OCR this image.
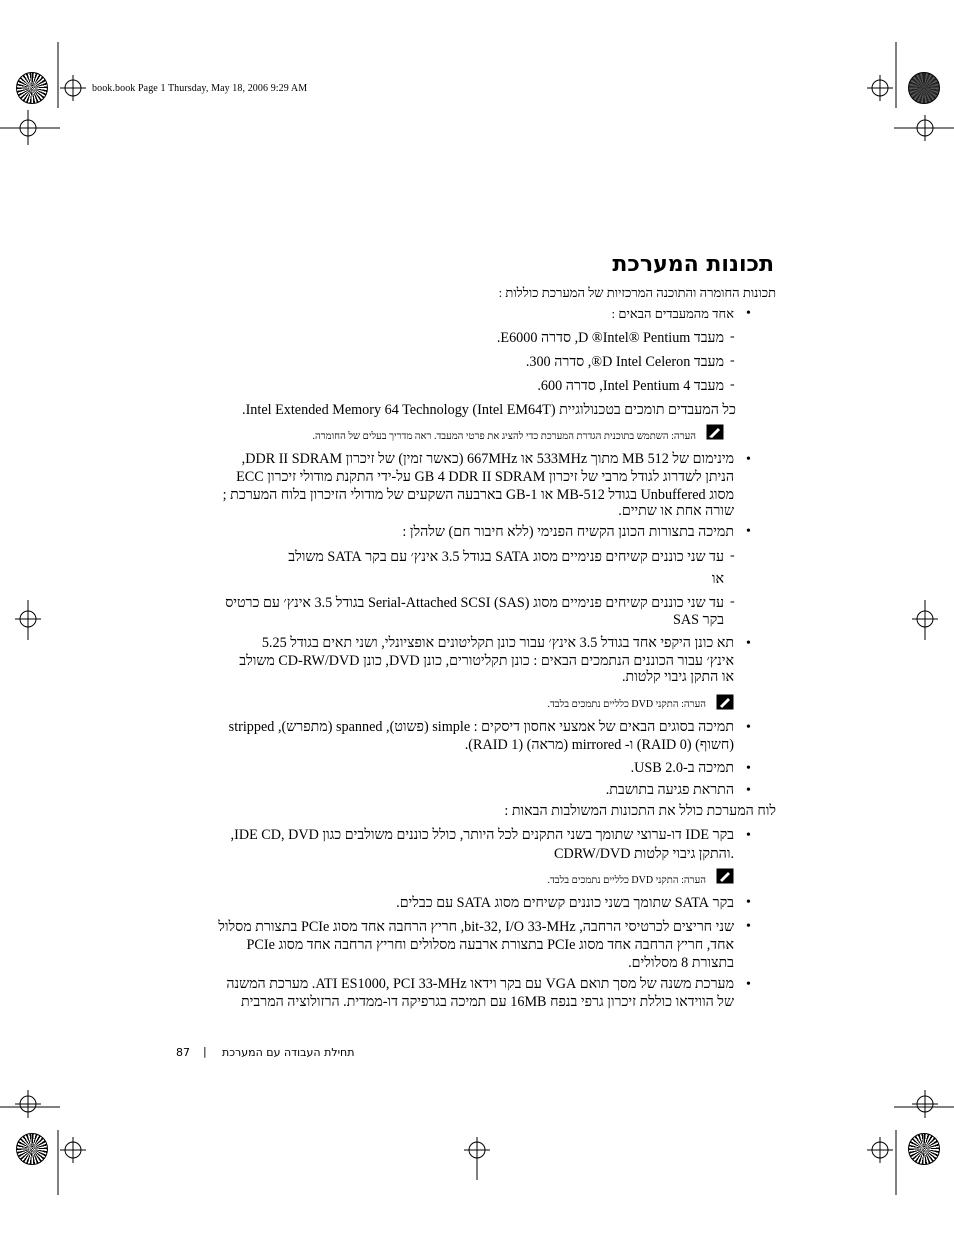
book.book Page 1 Thursday, May 18, 2006 9:29 AM
תכונות המערכת
תכונות החומרה והתוכנה המרכזיות של המערכת כוללות :
•
אחד מהמעבדים הבאים :
-
מעבד D ®Intel® Pentium, סדרה E6000.
-
מעבד D Intel Celeron®, סדרה 300.
-
מעבד Intel Pentium 4, סדרה 600.
כל המעבדים תומכים בטכנולוגיית (Intel Extended Memory 64 Technology (Intel EM64T.
הערה: השתמש בתוכנית הגדרת המערכת כדי להציג את פרטי המעבד. ראה מדריך בעלים של החומרה.
•
מינימום של MB 512 מתוך 533MHz או 667MHz (כאשר זמין) של זיכרון DDR II SDRAM,
הניתן לשדרוג לגודל מרבי של זיכרון GB 4 DDR II SDRAM על-ידי התקנת מודולי זיכרון ECC
מסוג Unbuffered בגודל MB-512 או GB-1 בארבעה השקעים של מודולי הזיכרון בלוח המערכת ;
שורה אחת או שתיים.
•
תמיכה בתצורות הכונן הקשיח הפנימי (ללא חיבור חם) שלהלן :
-
עד שני כוננים קשיחים פנימיים מסוג SATA בגודל 3.5 אינץ׳ עם בקר SATA משולב
או
-
עד שני כוננים קשיחים פנימיים מסוג Serial-Attached SCSI (SAS) בגודל 3.5 אינץ׳ עם כרטיס
בקר SAS
•
תא כונן היקפי אחד בגודל 3.5 אינץ׳ עבור כונן תקליטונים אופציונלי, ושני תאים בגודל 5.25
אינץ׳ עבור הכוננים הנתמכים הבאים : כונן תקליטורים, כונן DVD, כונן CD-RW/DVD משולב
או התקן גיבוי קלטות.
הערה: התקני DVD כלליים נתמכים בלבד.
•
תמיכה בסוגים הבאים של אמצעי אחסון דיסקים : simple (פשוט), spanned (מתפרש), stripped
(חשוף) (RAID 0) ו- mirrored (מראה) (RAID 1).
•
תמיכה ב-USB 2.0.
•
התראת פגיעה בתושבת.
לוח המערכת כולל את התכונות המשולבות הבאות :
•
בקר IDE דו-ערוצי שתומך בשני התקנים לכל היותר, כולל כוננים משולבים כגון IDE CD, DVD,
CDRW/DVD והתקן גיבוי קלטות.
הערה: התקני DVD כלליים נתמכים בלבד.
•
בקר SATA שתומך בשני כוננים קשיחים מסוג SATA עם כבלים.
•
שני חריצים לכרטיסי הרחבה, bit-32, I/O 33-MHz, חריץ הרחבה אחד מסוג PCIe בתצורת מסלול
אחד, חריץ הרחבה אחד מסוג PCIe בתצורת ארבעה מסלולים וחריץ הרחבה אחד מסוג PCIe
בתצורת 8 מסלולים.
•
מערכת משנה של מסך תואם VGA עם בקר וידאו ATI ES1000, PCI 33-MHz. מערכת המשנה
של הווידאו כוללת זיכרון גרפי בנפח 16MB עם תמיכה בגרפיקה דו-ממדית. הרזולוציה המרבית
תחילת העבודה עם המערכת
|
87
